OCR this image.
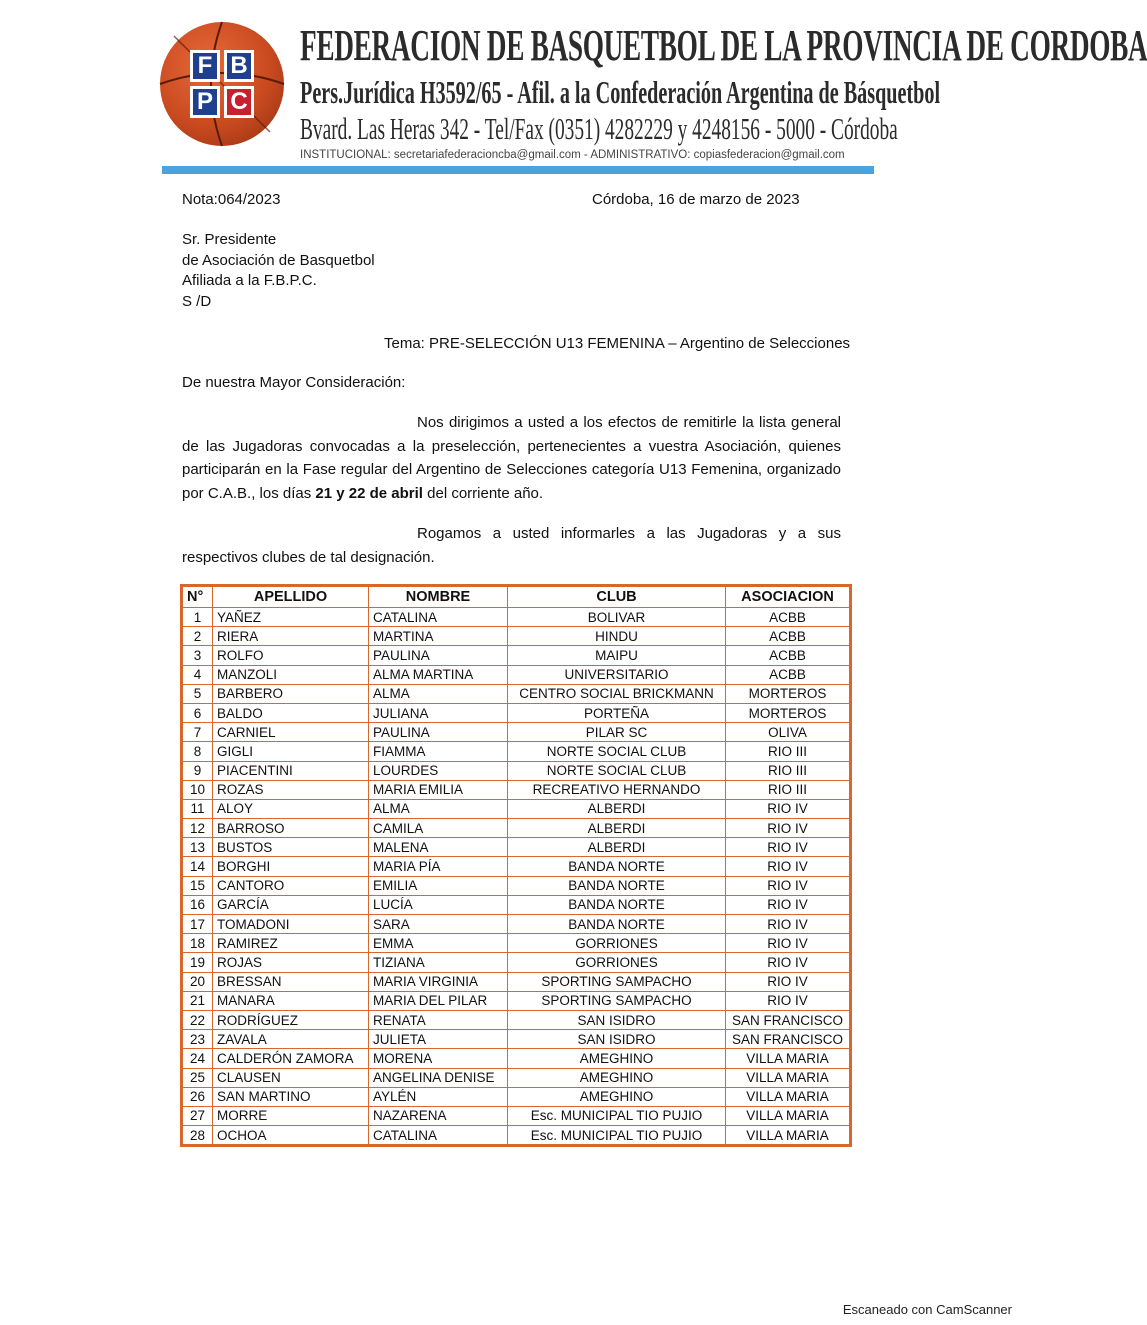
F B
P C
FEDERACION DE BASQUETBOL DE LA PROVINCIA DE CORDOBA
Pers.Jurídica H3592/65 - Afil. a la Confederación Argentina de Básquetbol
Bvard. Las Heras 342 - Tel/Fax (0351) 4282229 y 4248156 - 5000 - Córdoba
INSTITUCIONAL: secretariafederacioncba@gmail.com - ADMINISTRATIVO: copiasfederacion@gmail.com
Nota:064/2023	Córdoba, 16 de marzo de 2023
Sr. Presidente
de Asociación de Basquetbol
Afiliada a la F.B.P.C.
S /D
Tema: PRE-SELECCIÓN U13 FEMENINA – Argentino de Selecciones
De nuestra Mayor Consideración:
Nos dirigimos a usted a los efectos de remitirle la lista general de las Jugadoras convocadas a la preselección, pertenecientes a vuestra Asociación, quienes participarán en la Fase regular del Argentino de Selecciones categoría U13 Femenina, organizado por C.A.B., los días 21 y 22 de abril del corriente año.
Rogamos a usted informarles a las Jugadoras y a sus respectivos clubes de tal designación.
N°	APELLIDO	NOMBRE	CLUB	ASOCIACION
1	YAÑEZ	CATALINA	BOLIVAR	ACBB
2	RIERA	MARTINA	HINDU	ACBB
3	ROLFO	PAULINA	MAIPU	ACBB
4	MANZOLI	ALMA MARTINA	UNIVERSITARIO	ACBB
5	BARBERO	ALMA	CENTRO SOCIAL BRICKMANN	MORTEROS
6	BALDO	JULIANA	PORTEÑA	MORTEROS
7	CARNIEL	PAULINA	PILAR SC	OLIVA
8	GIGLI	FIAMMA	NORTE SOCIAL CLUB	RIO III
9	PIACENTINI	LOURDES	NORTE SOCIAL CLUB	RIO III
10	ROZAS	MARIA EMILIA	RECREATIVO HERNANDO	RIO III
11	ALOY	ALMA	ALBERDI	RIO IV
12	BARROSO	CAMILA	ALBERDI	RIO IV
13	BUSTOS	MALENA	ALBERDI	RIO IV
14	BORGHI	MARIA PÍA	BANDA NORTE	RIO IV
15	CANTORO	EMILIA	BANDA NORTE	RIO IV
16	GARCÍA	LUCÍA	BANDA NORTE	RIO IV
17	TOMADONI	SARA	BANDA NORTE	RIO IV
18	RAMIREZ	EMMA	GORRIONES	RIO IV
19	ROJAS	TIZIANA	GORRIONES	RIO IV
20	BRESSAN	MARIA VIRGINIA	SPORTING SAMPACHO	RIO IV
21	MANARA	MARIA DEL PILAR	SPORTING SAMPACHO	RIO IV
22	RODRÍGUEZ	RENATA	SAN ISIDRO	SAN FRANCISCO
23	ZAVALA	JULIETA	SAN ISIDRO	SAN FRANCISCO
24	CALDERÓN ZAMORA	MORENA	AMEGHINO	VILLA MARIA
25	CLAUSEN	ANGELINA DENISE	AMEGHINO	VILLA MARIA
26	SAN MARTINO	AYLÉN	AMEGHINO	VILLA MARIA
27	MORRE	NAZARENA	Esc. MUNICIPAL TIO PUJIO	VILLA MARIA
28	OCHOA	CATALINA	Esc. MUNICIPAL TIO PUJIO	VILLA MARIA
Escaneado con CamScanner
